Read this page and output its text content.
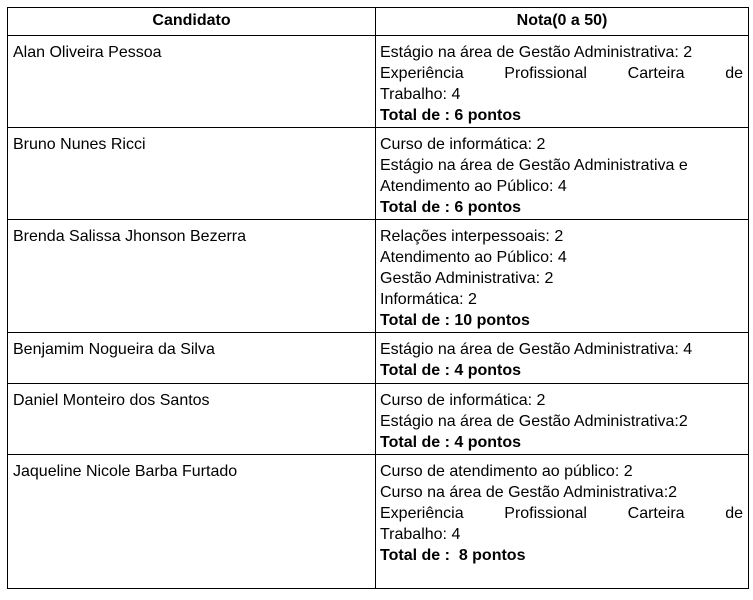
Candidato	Nota(0 a 50)

Alan Oliveira Pessoa	Estágio na área de Gestão Administrativa: 2
Experiência Profissional Carteira de
Trabalho: 4
Total de : 6 pontos

Bruno Nunes Ricci	Curso de informática: 2
Estágio na área de Gestão Administrativa e
Atendimento ao Público: 4
Total de : 6 pontos

Brenda Salissa Jhonson Bezerra	Relações interpessoais: 2
Atendimento ao Público: 4
Gestão Administrativa: 2
Informática: 2
Total de : 10 pontos

Benjamim Nogueira da Silva	Estágio na área de Gestão Administrativa: 4
Total de : 4 pontos

Daniel Monteiro dos Santos	Curso de informática: 2
Estágio na área de Gestão Administrativa:2
Total de : 4 pontos

Jaqueline Nicole Barba Furtado	Curso de atendimento ao público: 2
Curso na área de Gestão Administrativa:2
Experiência Profissional Carteira de
Trabalho: 4
Total de :  8 pontos
